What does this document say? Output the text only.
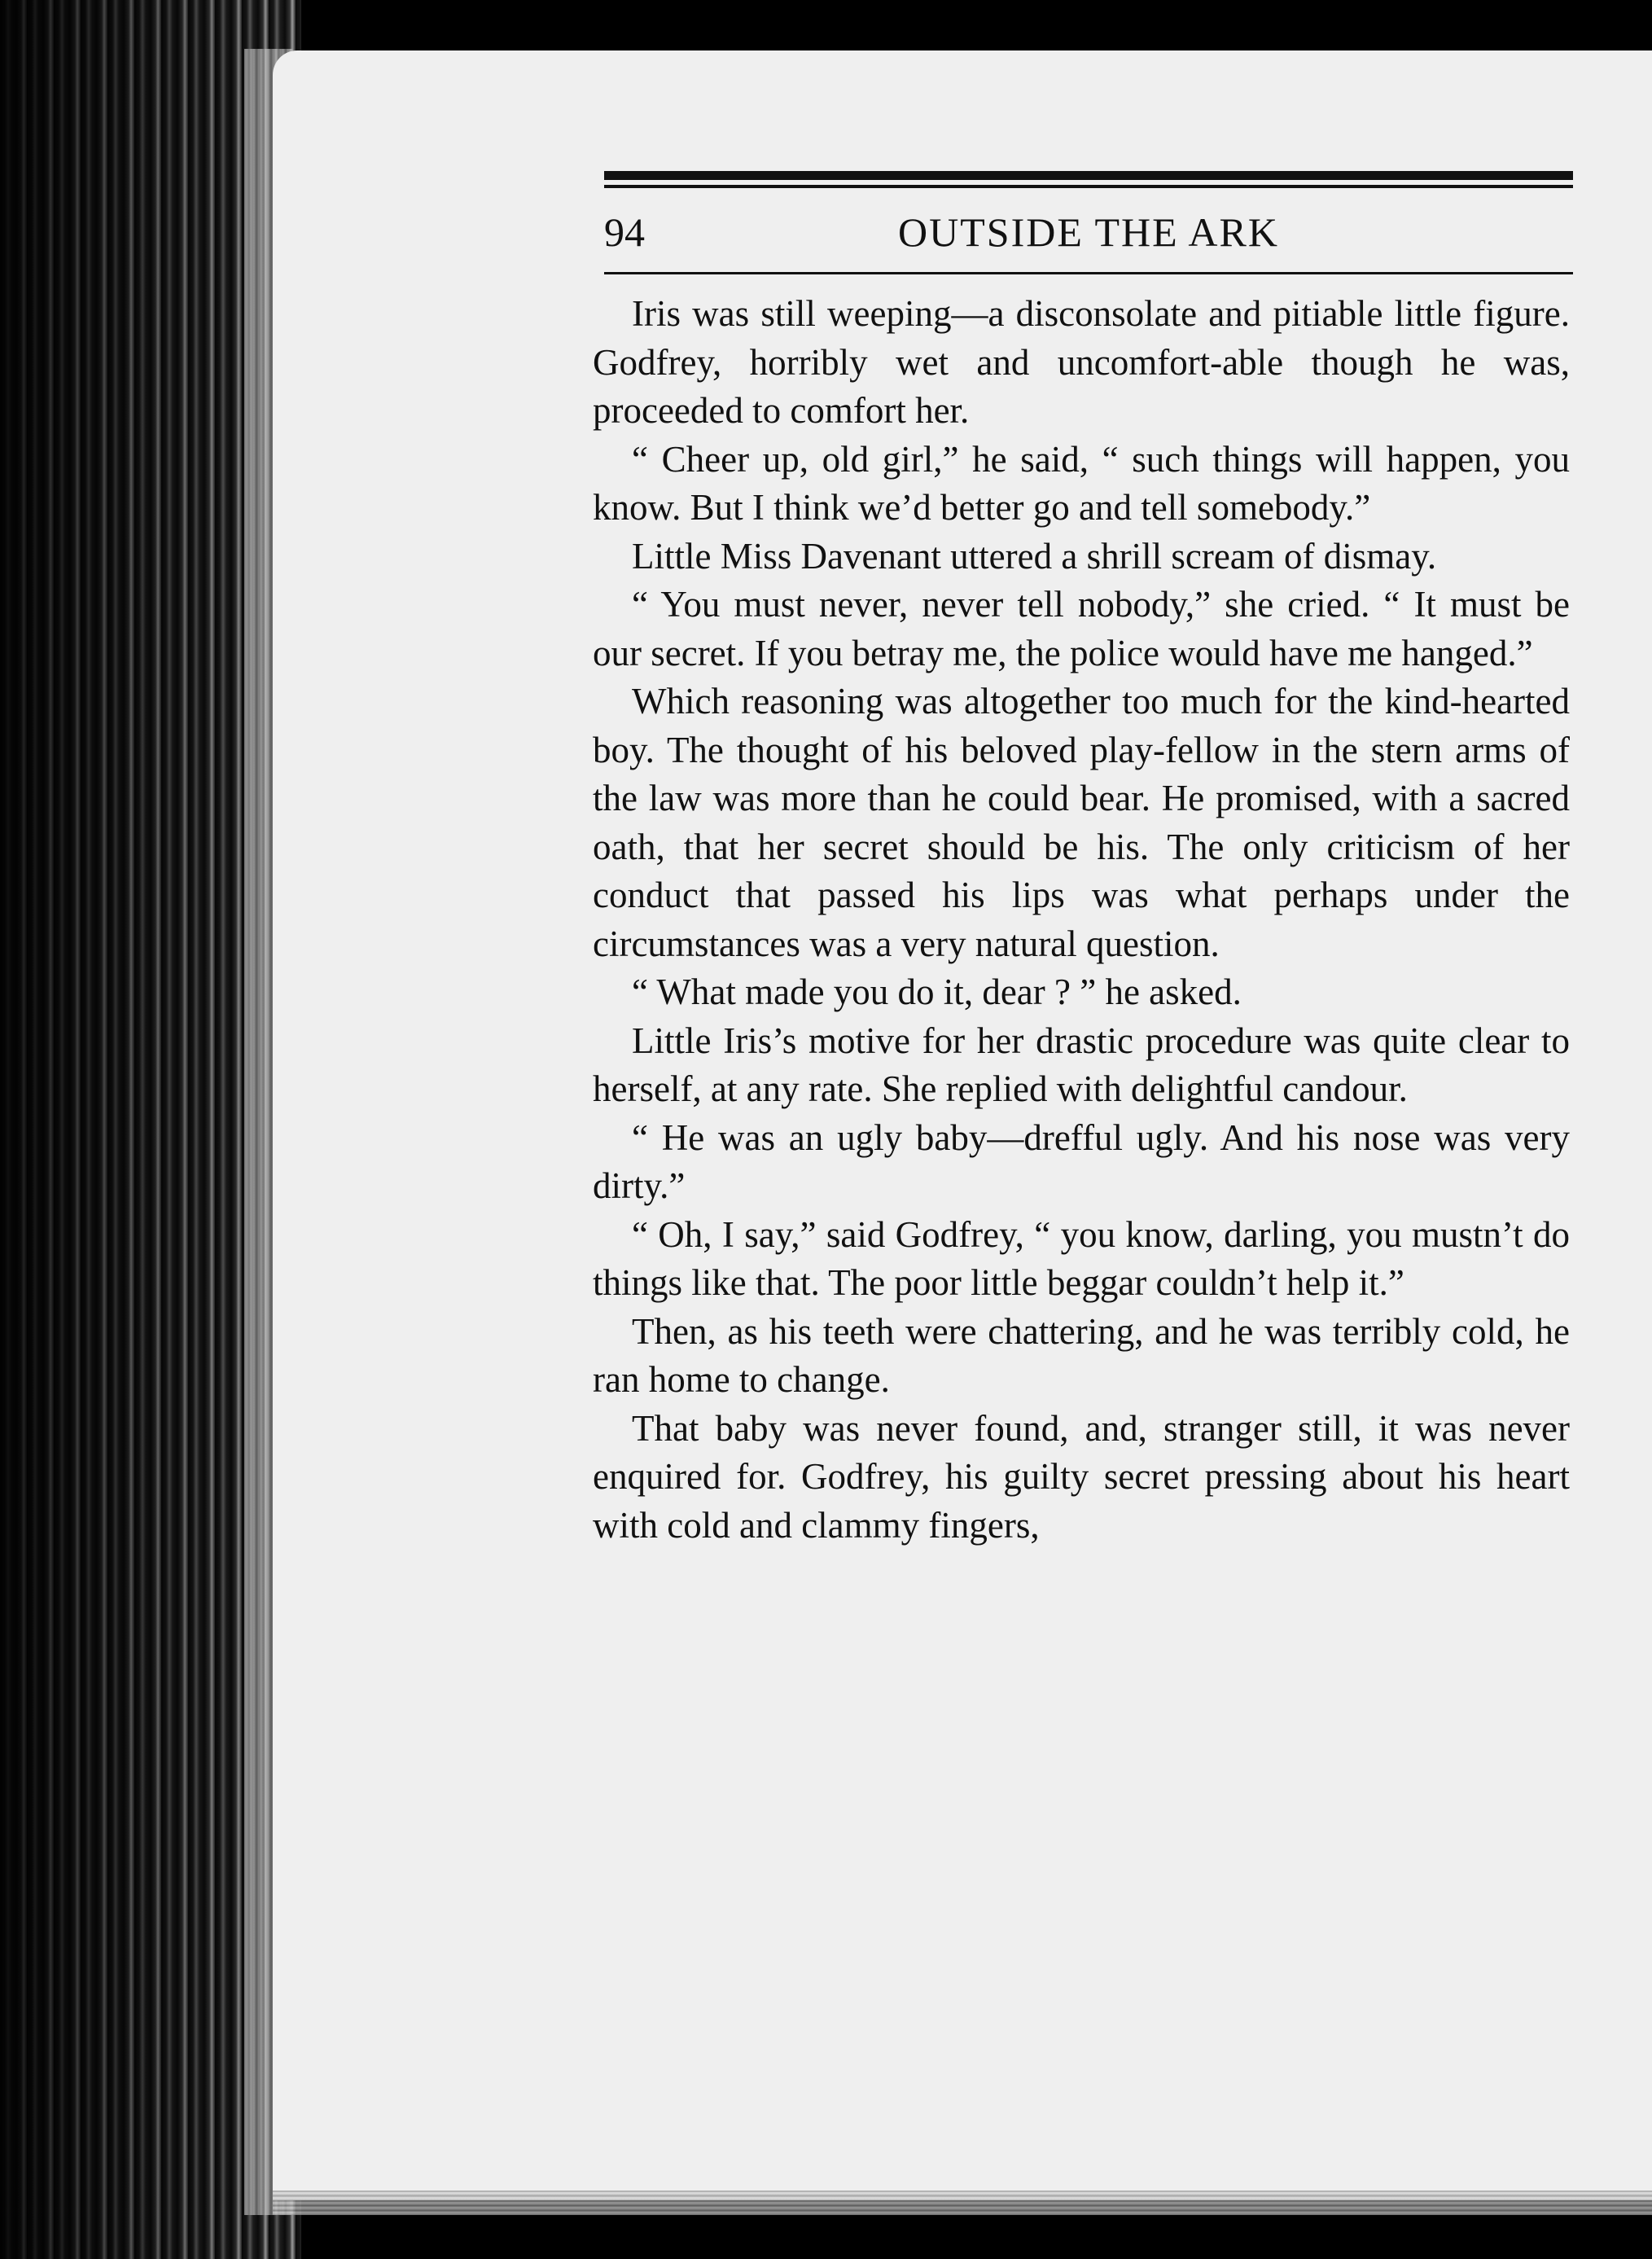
94	OUTSIDE THE ARK

Iris was still weeping—a disconsolate and pitiable little figure. Godfrey, horribly wet and uncomfort-able though he was, proceeded to comfort her.

“ Cheer up, old girl,” he said, “ such things will happen, you know. But I think we’d better go and tell somebody.”

Little Miss Davenant uttered a shrill scream of dismay.

“ You must never, never tell nobody,” she cried. “ It must be our secret. If you betray me, the police would have me hanged.”

Which reasoning was altogether too much for the kind-hearted boy. The thought of his beloved play-fellow in the stern arms of the law was more than he could bear. He promised, with a sacred oath, that her secret should be his. The only criticism of her conduct that passed his lips was what perhaps under the circumstances was a very natural question.

“ What made you do it, dear ? ” he asked.

Little Iris’s motive for her drastic procedure was quite clear to herself, at any rate. She replied with delightful candour.

“ He was an ugly baby—drefful ugly. And his nose was very dirty.”

“ Oh, I say,” said Godfrey, “ you know, darling, you mustn’t do things like that. The poor little beggar couldn’t help it.”

Then, as his teeth were chattering, and he was terribly cold, he ran home to change.

That baby was never found, and, stranger still, it was never enquired for. Godfrey, his guilty secret pressing about his heart with cold and clammy fingers,
